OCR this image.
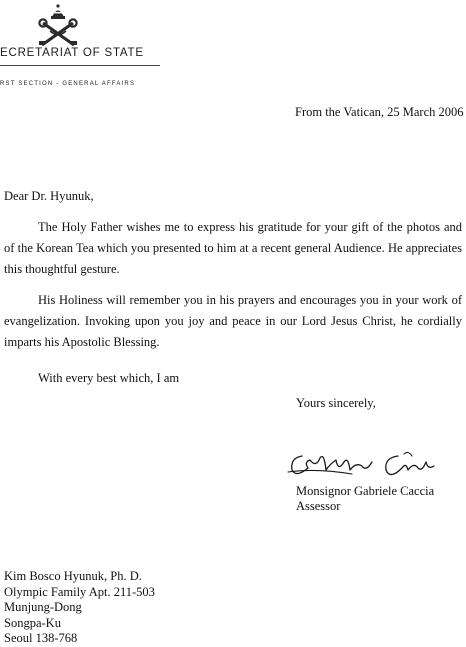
ECRETARIAT OF STATE
RST SECTION - GENERAL AFFAIRS
From the Vatican, 25 March 2006
Dear Dr. Hyunuk,

The Holy Father wishes me to express his gratitude for your gift of the photos and of the Korean Tea which you presented to him at a recent general Audience. He appreciates this thoughtful gesture.

His Holiness will remember you in his prayers and encourages you in your work of evangelization. Invoking upon you joy and peace in our Lord Jesus Christ, he cordially imparts his Apostolic Blessing.

With every best which, I am
Yours sincerely,
Monsignor Gabriele Caccia
Assessor
Kim Bosco Hyunuk, Ph. D.
Olympic Family Apt. 211-503
Munjung-Dong
Songpa-Ku
Seoul 138-768
